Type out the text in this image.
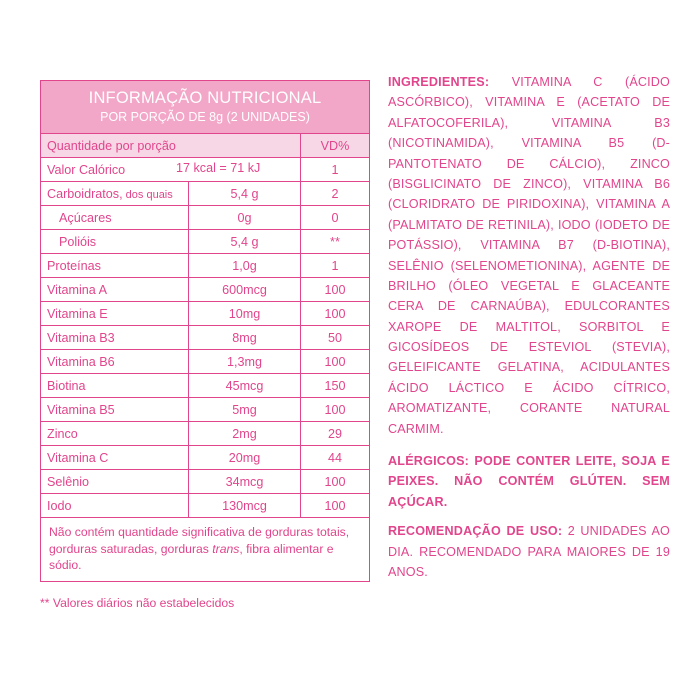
INFORMAÇÃO NUTRICIONAL
POR PORÇÃO DE 8g (2 UNIDADES)
Quantidade por porção		VD%
Valor Calórico 17 kcal = 71 kJ		1
Carboidratos, dos quais	5,4 g	2
Açúcares	0g	0
Polióis	5,4 g	**
Proteínas	1,0g	1
Vitamina A	600mcg	100
Vitamina E	10mg	100
Vitamina B3	8mg	50
Vitamina B6	1,3mg	100
Biotina	45mcg	150
Vitamina B5	5mg	100
Zinco	2mg	29
Vitamina C	20mg	44
Selênio	34mcg	100
Iodo	130mcg	100
Não contém quantidade significativa de gorduras totais,
gorduras saturadas, gorduras trans, fibra alimentar e sódio.
** Valores diários não estabelecidos

INGREDIENTES: VITAMINA C (ÁCIDO ASCÓRBICO), VITAMINA E (ACETATO DE ALFATOCOFERILA), VITAMINA B3 (NICOTINAMIDA), VITAMINA B5 (D-PANTOTENATO DE CÁLCIO), ZINCO (BISGLICINATO DE ZINCO), VITAMINA B6 (CLORIDRATO DE PIRIDOXINA), VITAMINA A (PALMITATO DE RETINILA), IODO (IODETO DE POTÁSSIO), VITAMINA B7 (D-BIOTINA), SELÊNIO (SELENOMETIONINA), AGENTE DE BRILHO (ÓLEO VEGETAL E GLACEANTE CERA DE CARNAÚBA), EDULCORANTES XAROPE DE MALTITOL, SORBITOL E GICOSÍDEOS DE ESTEVIOL (STEVIA), GELEIFICANTE GELATINA, ACIDULANTES ÁCIDO LÁCTICO E ÁCIDO CÍTRICO, AROMATIZANTE, CORANTE NATURAL CARMIM.

ALÉRGICOS: PODE CONTER LEITE, SOJA E PEIXES. NÃO CONTÉM GLÚTEN. SEM AÇÚCAR.

RECOMENDAÇÃO DE USO: 2 UNIDADES AO DIA. RECOMENDADO PARA MAIORES DE 19 ANOS.
